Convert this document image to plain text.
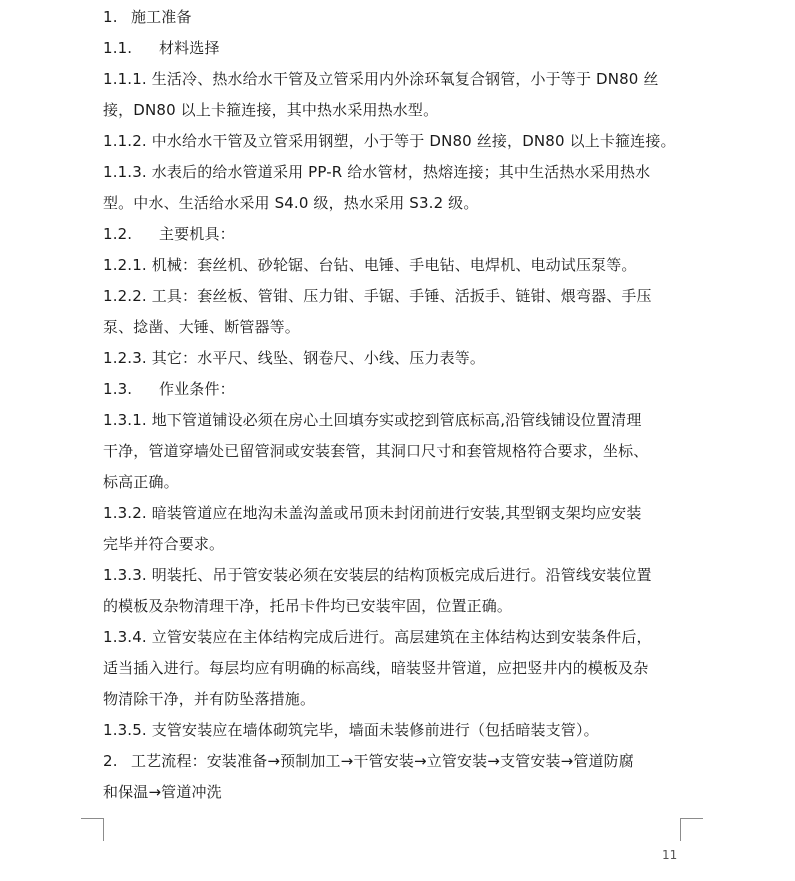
1. 施工准备
1.1. 材料选择
1.1.1. 生活冷、热水给水干管及立管采用内外涂环氧复合钢管，小于等于 DN80 丝
接，DN80 以上卡箍连接，其中热水采用热水型。
1.1.2. 中水给水干管及立管采用钢塑，小于等于 DN80 丝接，DN80 以上卡箍连接。
1.1.3. 水表后的给水管道采用 PP-R 给水管材，热熔连接；其中生活热水采用热水
型。中水、生活给水采用 S4.0 级，热水采用 S3.2 级。
1.2. 主要机具：
1.2.1. 机械：套丝机、砂轮锯、台钻、电锤、手电钻、电焊机、电动试压泵等。
1.2.2. 工具：套丝板、管钳、压力钳、手锯、手锤、活扳手、链钳、煨弯器、手压
泵、捻凿、大锤、断管器等。
1.2.3. 其它：水平尺、线坠、钢卷尺、小线、压力表等。
1.3. 作业条件：
1.3.1. 地下管道铺设必须在房心土回填夯实或挖到管底标高,沿管线铺设位置清理
干净，管道穿墙处已留管洞或安装套管，其洞口尺寸和套管规格符合要求，坐标、
标高正确。
1.3.2. 暗装管道应在地沟未盖沟盖或吊顶未封闭前进行安装,其型钢支架均应安装
完毕并符合要求。
1.3.3. 明装托、吊于管安装必须在安装层的结构顶板完成后进行。沿管线安装位置
的模板及杂物清理干净，托吊卡件均已安装牢固，位置正确。
1.3.4. 立管安装应在主体结构完成后进行。高层建筑在主体结构达到安装条件后，
适当插入进行。每层均应有明确的标高线，暗装竖井管道，应把竖井内的模板及杂
物清除干净，并有防坠落措施。
1.3.5. 支管安装应在墙体砌筑完毕，墙面未装修前进行（包括暗装支管）。
2. 工艺流程：安装准备→预制加工→干管安装→立管安装→支管安装→管道防腐
和保温→管道冲洗
11
